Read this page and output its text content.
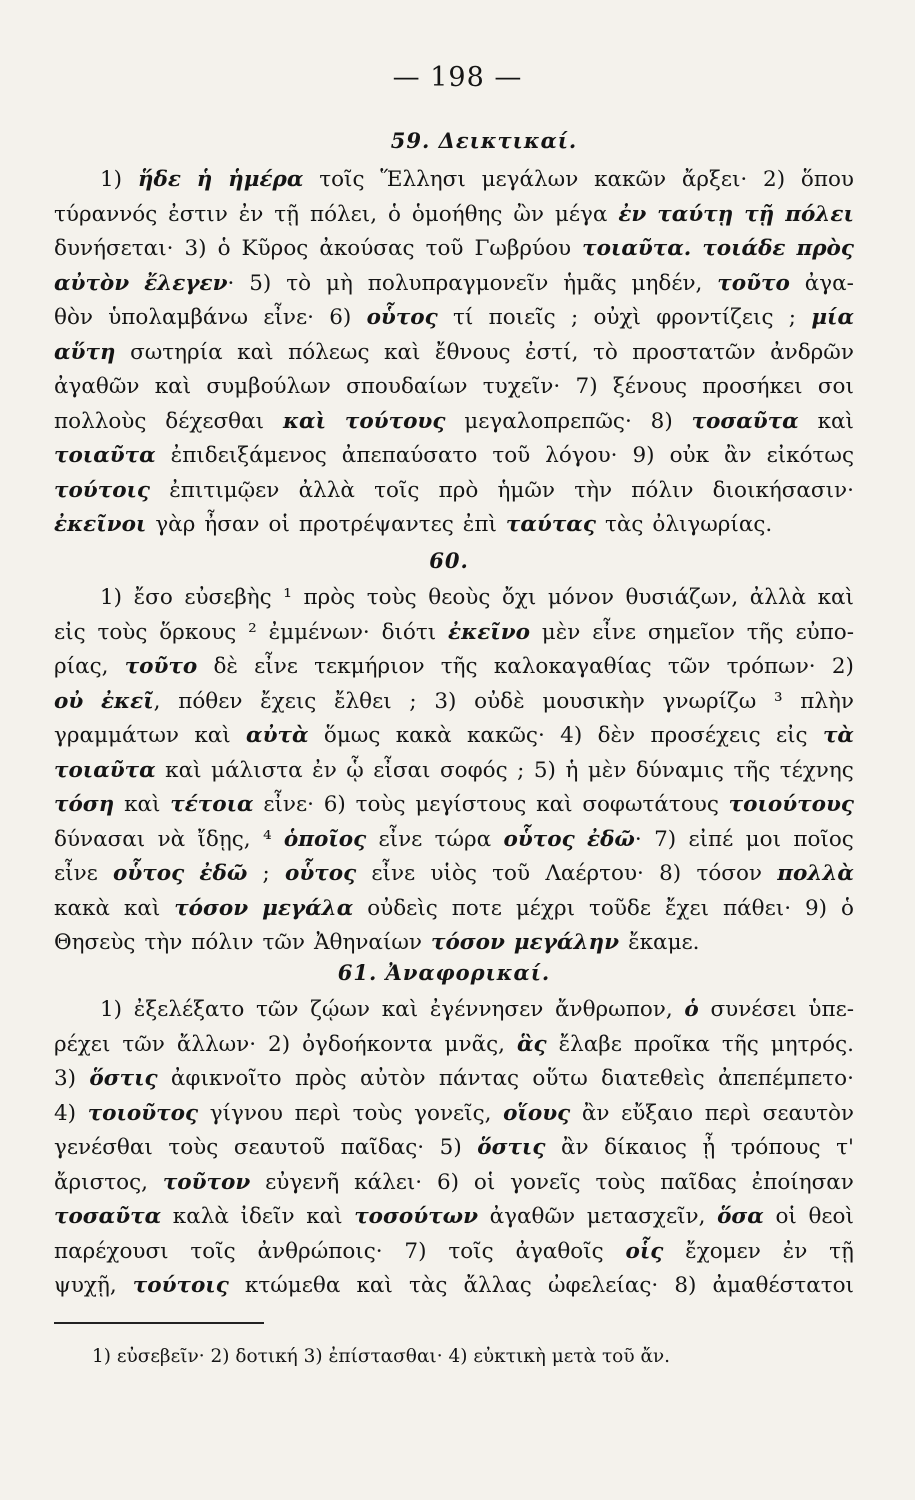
— 198 —
59. Δεικτικαί.
1) ἥδε ἡ ἡμέρα τοῖς Ἕλλησι μεγάλων κακῶν ἄρξει· 2) ὅπου
τύραννός ἐστιν ἐν τῇ πόλει, ὁ ὁμοήθης ὢν μέγα ἐν ταύτῃ τῇ πόλει
δυνήσεται· 3) ὁ Κῦρος ἀκούσας τοῦ Γωβρύου τοιαῦτα. τοιάδε πρὸς
αὐτὸν ἔλεγεν· 5) τὸ μὴ πολυπραγμονεῖν ἡμᾶς μηδέν, τοῦτο ἀγα-
θὸν ὑπολαμβάνω εἶνε· 6) οὗτος τί ποιεῖς ; οὐχὶ φροντίζεις ; μία
αὕτη σωτηρία καὶ πόλεως καὶ ἔθνους ἐστί, τὸ προστατῶν ἀνδρῶν
ἀγαθῶν καὶ συμβούλων σπουδαίων τυχεῖν· 7) ξένους προσήκει σοι
πολλοὺς δέχεσθαι καὶ τούτους μεγαλοπρεπῶς· 8) τοσαῦτα καὶ
τοιαῦτα ἐπιδειξάμενος ἀπεπαύσατο τοῦ λόγου· 9) οὐκ ἂν εἰκότως
τούτοις ἐπιτιμῷεν ἀλλὰ τοῖς πρὸ ἡμῶν τὴν πόλιν διοικήσασιν·
ἐκεῖνοι γὰρ ἦσαν οἱ προτρέψαντες ἐπὶ ταύτας τὰς ὀλιγωρίας.
60.
1) ἔσο εὐσεβὴς ¹ πρὸς τοὺς θεοὺς ὄχι μόνον θυσιάζων, ἀλλὰ καὶ
εἰς τοὺς ὅρκους ² ἐμμένων· διότι ἐκεῖνο μὲν εἶνε σημεῖον τῆς εὐπο-
ρίας, τοῦτο δὲ εἶνε τεκμήριον τῆς καλοκαγαθίας τῶν τρόπων· 2)
οὐ ἐκεῖ, πόθεν ἔχεις ἔλθει ; 3) οὐδὲ μουσικὴν γνωρίζω ³ πλὴν
γραμμάτων καὶ αὐτὰ ὅμως κακὰ κακῶς· 4) δὲν προσέχεις εἰς τὰ
τοιαῦτα καὶ μάλιστα ἐν ᾧ εἶσαι σοφός ; 5) ἡ μὲν δύναμις τῆς τέχνης
τόση καὶ τέτοια εἶνε· 6) τοὺς μεγίστους καὶ σοφωτάτους τοιούτους
δύνασαι νὰ ἴδῃς, ⁴ ὁποῖος εἶνε τώρα οὗτος ἐδῶ· 7) εἰπέ μοι ποῖος
εἶνε οὗτος ἐδῶ ; οὗτος εἶνε υἱὸς τοῦ Λαέρτου· 8) τόσον πολλὰ
κακὰ καὶ τόσον μεγάλα οὐδεὶς ποτε μέχρι τοῦδε ἔχει πάθει· 9) ὁ
Θησεὺς τὴν πόλιν τῶν Ἀθηναίων τόσον μεγάλην ἔκαμε.
61. Ἀναφορικαί.
1) ἐξελέξατο τῶν ζῴων καὶ ἐγέννησεν ἄνθρωπον, ὁ συνέσει ὑπε-
ρέχει τῶν ἄλλων· 2) ὀγδοήκοντα μνᾶς, ἃς ἔλαβε προῖκα τῆς μητρός.
3) ὅστις ἀφικνοῖτο πρὸς αὐτὸν πάντας οὕτω διατεθεὶς ἀπεπέμπετο·
4) τοιοῦτος γίγνου περὶ τοὺς γονεῖς, οἵους ἂν εὔξαιο περὶ σεαυτὸν
γενέσθαι τοὺς σεαυτοῦ παῖδας· 5) ὅστις ἂν δίκαιος ᾖ τρόπους τ'
ἄριστος, τοῦτον εὐγενῆ κάλει· 6) οἱ γονεῖς τοὺς παῖδας ἐποίησαν
τοσαῦτα καλὰ ἰδεῖν καὶ τοσούτων ἀγαθῶν μετασχεῖν, ὅσα οἱ θεοὶ
παρέχουσι τοῖς ἀνθρώποις· 7) τοῖς ἀγαθοῖς οἷς ἔχομεν ἐν τῇ
ψυχῇ, τούτοις κτώμεθα καὶ τὰς ἄλλας ὠφελείας· 8) ἀμαθέστατοι
1) εὐσεβεῖν· 2) δοτική 3) ἐπίστασθαι· 4) εὐκτικὴ μετὰ τοῦ ἄν.
